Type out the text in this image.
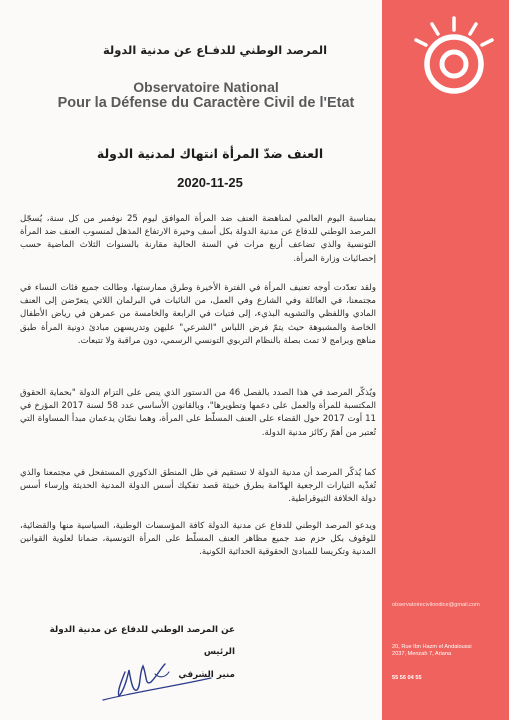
observatoirecivilondice@gmail.com
20, Rue Ibn Hazm el Andaloussi
2037, Menzah 7, Ariana
55 56 04 55
المرصد الوطني للدفـاع عن مدنية الدولة
Observatoire National
Pour la Défense du Caractère Civil de l'Etat
العنف ضدّ المرأة انتهاك لمدنية الدولة
2020-11-25

بمناسبة اليوم العالمي لمناهضة العنف ضد المرأة الموافق ليوم 25 نوفمبر من كل سنة، يُسجّل المرصد الوطني للدفاع عن مدنية الدولة بكل أسف وحيرة الارتفاع المذهل لمنسوب العنف ضد المرأة التونسية والذي تضاعف أربع مرات في السنة الحالية مقارنة بالسنوات الثلاث الماضية حسب إحصائيات وزارة المرأة.

ولقد تعدّدت أوجه تعنيف المرأة في الفترة الأخيرة وطرق ممارستها، وطالت جميع فئات النساء في مجتمعنا، في العائلة وفي الشارع وفي العمل، من النائبات في البرلمان اللاتي يتعرّضن إلى العنف المادي واللفظي والتشويه البذيء، إلى فتيات في الرابعة والخامسة من عمرهن في رياض الأطفال الخاصة والمشبوهة حيث يتمّ فرض اللباس "الشرعي" عليهن وتدريسهن مبادئ دونية المرأة طبق مناهج وبرامج لا تمت بصلة بالنظام التربوي التونسي الرسمي، دون مراقبة ولا تتبعات.

ويُذكّر المرصد في هذا الصدد بالفصل 46 من الدستور الذي ينص على التزام الدولة "بحماية الحقوق المكتسبة للمرأة والعمل على دعمها وتطويرها"، وبالقانون الأساسي عدد 58 لسنة 2017 المؤرخ في 11 أوت 2017 حول القضاء على العنف المسلّط على المرأة، وهما نصّان يدعمان مبدأ المساواة التي تُعتبر من أهمّ ركائز مدنية الدولة.

كما يُذكّر المرصد أن مدنية الدولة لا تستقيم في ظل المنطق الذكوري المستفحل في مجتمعنا والذي تُغذّيه التيارات الرجعية الهدّامة بطرق خبيثة قصد تفكيك أسس الدولة المدنية الحديثة وإرساء أسس دولة الخلافة الثيوقراطية.

ويدعو المرصد الوطني للدفاع عن مدنية الدولة كافة المؤسسات الوطنية، السياسية منها والقضائية، للوقوف بكل حزم ضد جميع مظاهر العنف المسلّط على المرأة التونسية، ضمانا لعلوية القوانين المدنية وتكريسا للمبادئ الحقوقية الحداثية الكونية.

عن المرصد الوطني للدفاع عن مدنية الدولة
الرئيس
منير الشرفي
